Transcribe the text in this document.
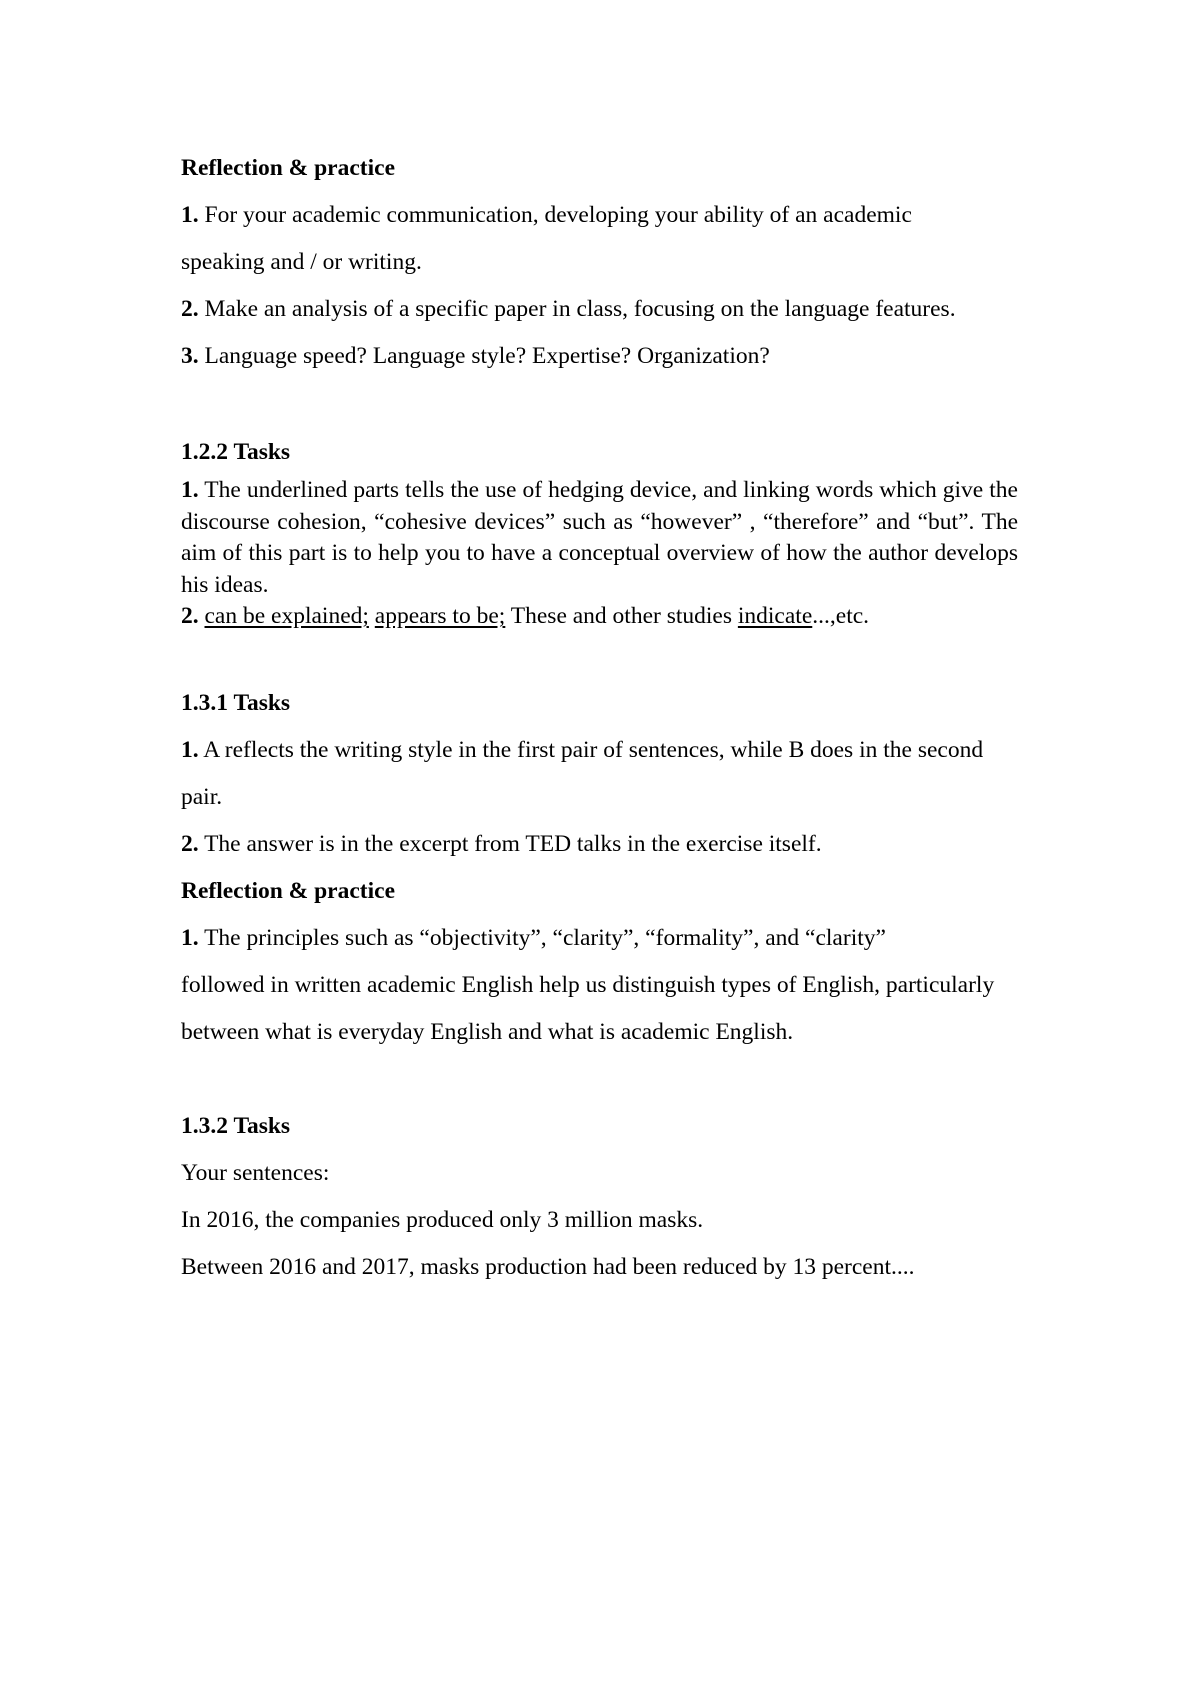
Reflection & practice
1. For your academic communication, developing your ability of an academic
speaking and / or writing.
2. Make an analysis of a specific paper in class, focusing on the language features.
3. Language speed? Language style? Expertise? Organization?
1.2.2 Tasks
1. The underlined parts tells the use of hedging device, and linking words which give the discourse cohesion, “cohesive devices” such as “however” , “therefore” and “but”. The aim of this part is to help you to have a conceptual overview of how the author develops his ideas.
2. can be explained; appears to be; These and other studies indicate...,etc.
1.3.1 Tasks
1. A reflects the writing style in the first pair of sentences, while B does in the second
pair.
2. The answer is in the excerpt from TED talks in the exercise itself.
Reflection & practice
1. The principles such as “objectivity”, “clarity”, “formality”, and “clarity”
followed in written academic English help us distinguish types of English, particularly
between what is everyday English and what is academic English.
1.3.2 Tasks
Your sentences:
In 2016, the companies produced only 3 million masks.
Between 2016 and 2017, masks production had been reduced by 13 percent....
